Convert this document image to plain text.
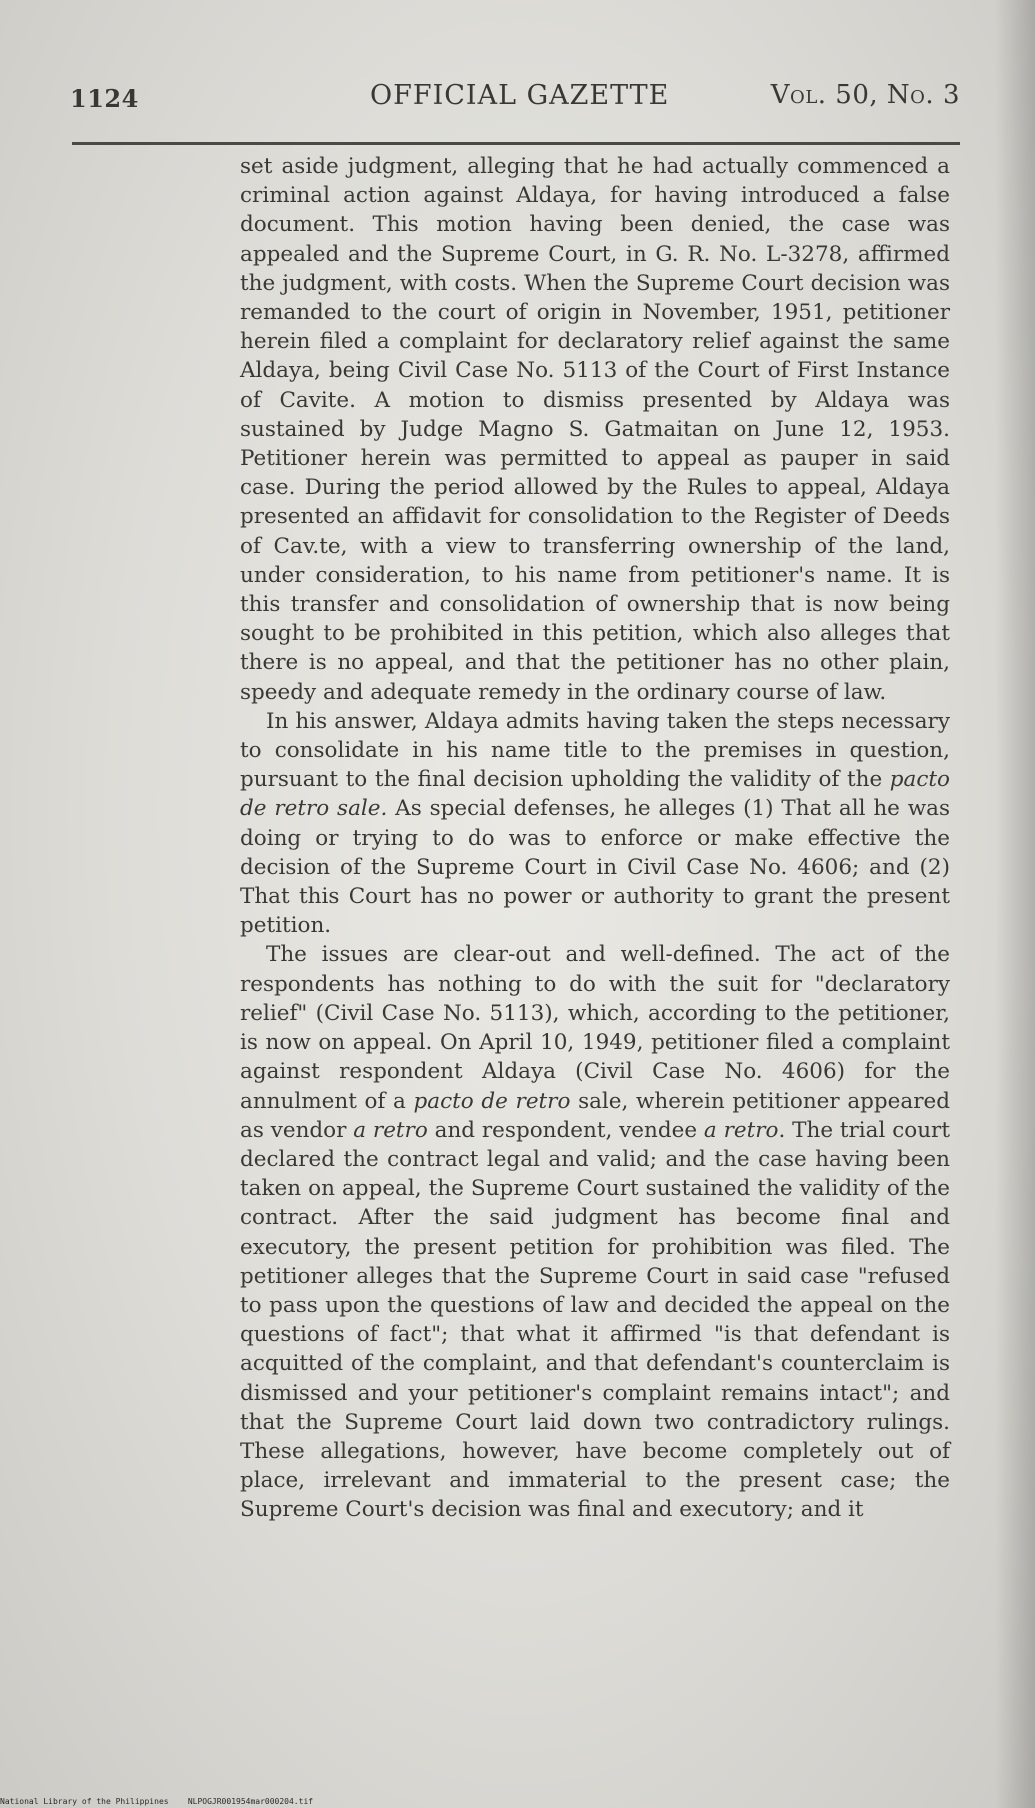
1124	OFFICIAL GAZETTE	Vol. 50, No. 3

set aside judgment, alleging that he had actually commenced a criminal action against Aldaya, for having introduced a false document. This motion having been denied, the case was appealed and the Supreme Court, in G. R. No. L-3278, affirmed the judgment, with costs. When the Supreme Court decision was remanded to the court of origin in November, 1951, petitioner herein filed a complaint for declaratory relief against the same Aldaya, being Civil Case No. 5113 of the Court of First Instance of Cavite. A motion to dismiss presented by Aldaya was sustained by Judge Magno S. Gatmaitan on June 12, 1953. Petitioner herein was permitted to appeal as pauper in said case. During the period allowed by the Rules to appeal, Aldaya presented an affidavit for consolidation to the Register of Deeds of Cav.te, with a view to transferring ownership of the land, under consideration, to his name from petitioner's name. It is this transfer and consolidation of ownership that is now being sought to be prohibited in this petition, which also alleges that there is no appeal, and that the petitioner has no other plain, speedy and adequate remedy in the ordinary course of law.

In his answer, Aldaya admits having taken the steps necessary to consolidate in his name title to the premises in question, pursuant to the final decision upholding the validity of the pacto de retro sale. As special defenses, he alleges (1) That all he was doing or trying to do was to enforce or make effective the decision of the Supreme Court in Civil Case No. 4606; and (2) That this Court has no power or authority to grant the present petition.

The issues are clear-out and well-defined. The act of the respondents has nothing to do with the suit for "declaratory relief" (Civil Case No. 5113), which, according to the petitioner, is now on appeal. On April 10, 1949, petitioner filed a complaint against respondent Aldaya (Civil Case No. 4606) for the annulment of a pacto de retro sale, wherein petitioner appeared as vendor a retro and respondent, vendee a retro. The trial court declared the contract legal and valid; and the case having been taken on appeal, the Supreme Court sustained the validity of the contract. After the said judgment has become final and executory, the present petition for prohibition was filed. The petitioner alleges that the Supreme Court in said case "refused to pass upon the questions of law and decided the appeal on the questions of fact"; that what it affirmed "is that defendant is acquitted of the complaint, and that defendant's counterclaim is dismissed and your petitioner's complaint remains intact"; and that the Supreme Court laid down two contradictory rulings. These allegations, however, have become completely out of place, irrelevant and immaterial to the present case; the Supreme Court's decision was final and executory; and it

National Library of the Philippines NLPOGJR001954mar000204.tif
